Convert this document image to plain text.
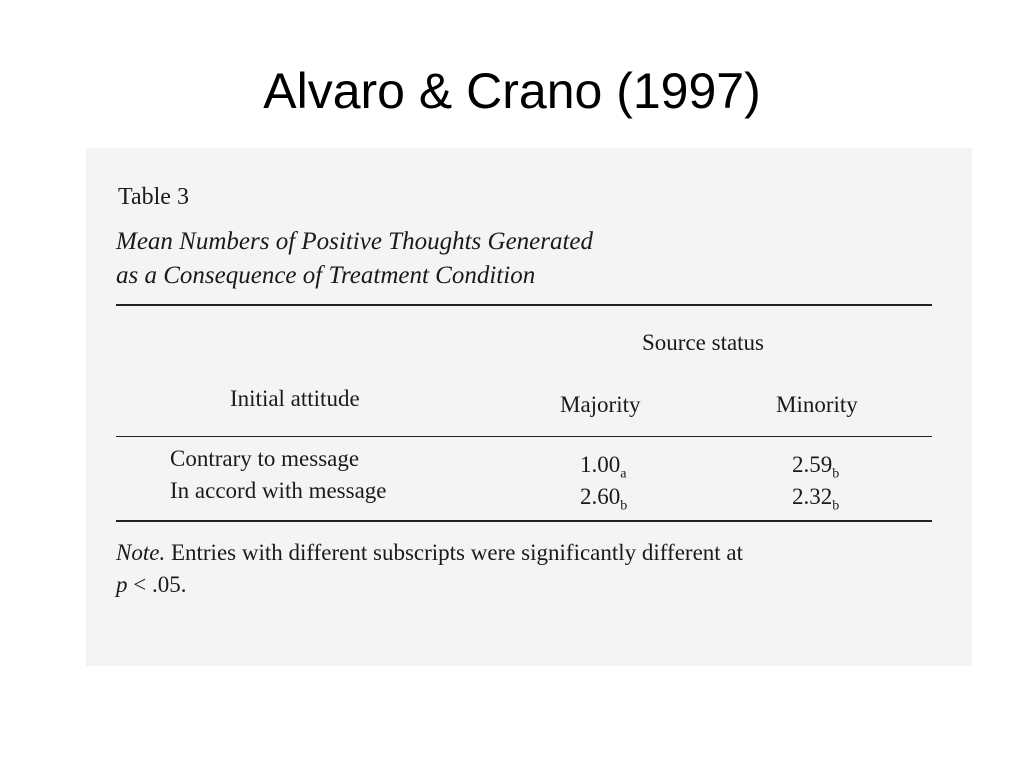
Alvaro & Crano (1997)
Table 3
Mean Numbers of Positive Thoughts Generated
as a Consequence of Treatment Condition
Source status
Initial attitude	Majority	Minority
Contrary to message	$1.00_a$	$2.59_b$
In accord with message	$2.60_b$	$2.32_b$
Note. Entries with different subscripts were significantly different at
p < .05.
